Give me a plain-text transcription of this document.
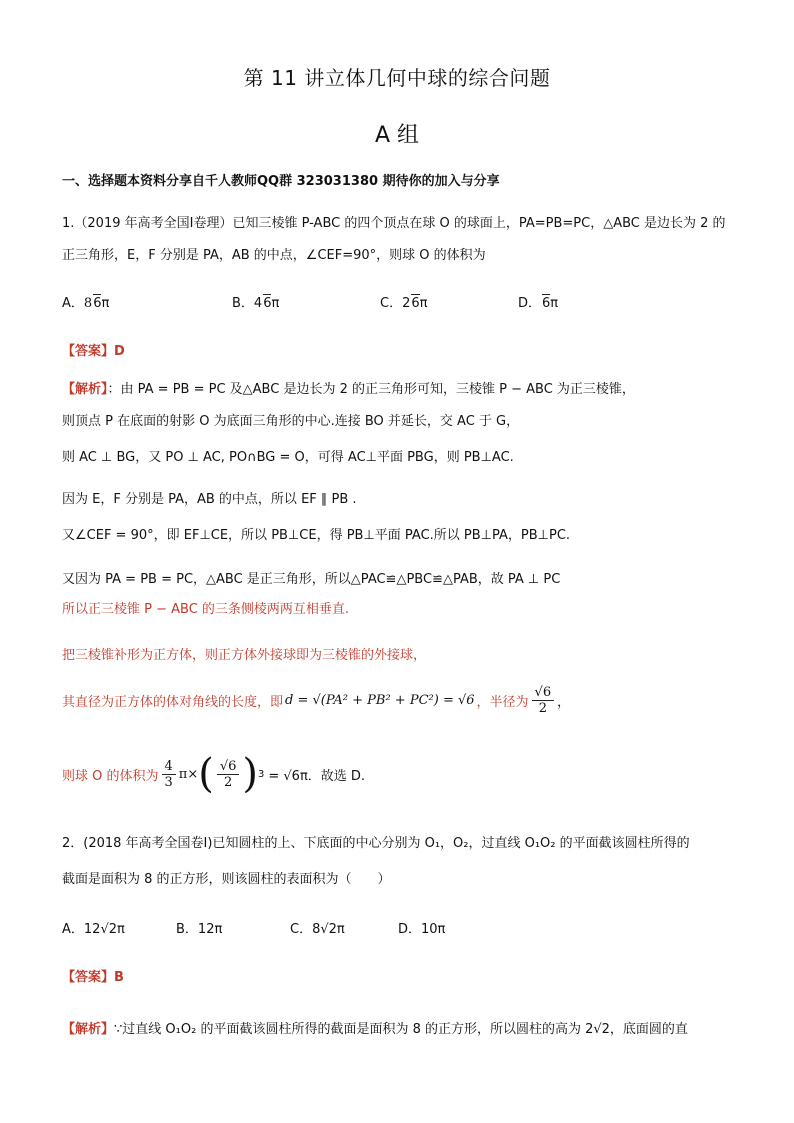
第 11 讲立体几何中球的综合问题
A 组
一、选择题本资料分享自千人教师QQ群 323031380 期待你的加入与分享
1.（2019 年高考全国Ⅰ卷理）已知三棱锥 P-ABC 的四个顶点在球 O 的球面上，PA=PB=PC，△ABC 是边长为 2 的
正三角形，E，F 分别是 PA，AB 的中点，∠CEF=90°，则球 O 的体积为
A．86π	B．46π	C．26π	D．6π
【答案】D
【解析】：由 PA = PB = PC 及△ABC 是边长为 2 的正三角形可知，三棱锥 P − ABC 为正三棱锥，
则顶点 P 在底面的射影 O 为底面三角形的中心.连接 BO 并延长，交 AC 于 G，
则 AC ⊥ BG，又 PO ⊥ AC, PO∩BG = O，可得 AC⊥平面 PBG，则 PB⊥AC.
因为 E，F 分别是 PA，AB 的中点，所以 EF ∥ PB .
又∠CEF = 90°，即 EF⊥CE，所以 PB⊥CE，得 PB⊥平面 PAC.所以 PB⊥PA，PB⊥PC.
又因为 PA = PB = PC，△ABC 是正三角形，所以△PAC≌△PBC≌△PAB，故 PA ⊥ PC
所以正三棱锥 P − ABC 的三条侧棱两两互相垂直.
把三棱锥补形为正方体，则正方体外接球即为三棱锥的外接球，
其直径为正方体的体对角线的长度，即 d = √(PA² + PB² + PC²) = √6 ，半径为 $\frac{√6}{2}$ ，
则球 O 的体积为 $\frac{4}{3} \pi\times$ ( $\frac{√6}{2}$ ) 3 = √6π．故选 D.
2．(2018 年高考全国卷Ⅰ)已知圆柱的上、下底面的中心分别为 O₁，O₂，过直线 O₁O₂ 的平面截该圆柱所得的
截面是面积为 8 的正方形，则该圆柱的表面积为（　　）
A．12√2π	B．12π	C．8√2π	D．10π
【答案】B
【解析】∵过直线 O₁O₂ 的平面截该圆柱所得的截面是面积为 8 的正方形，所以圆柱的高为 2√2，底面圆的直
